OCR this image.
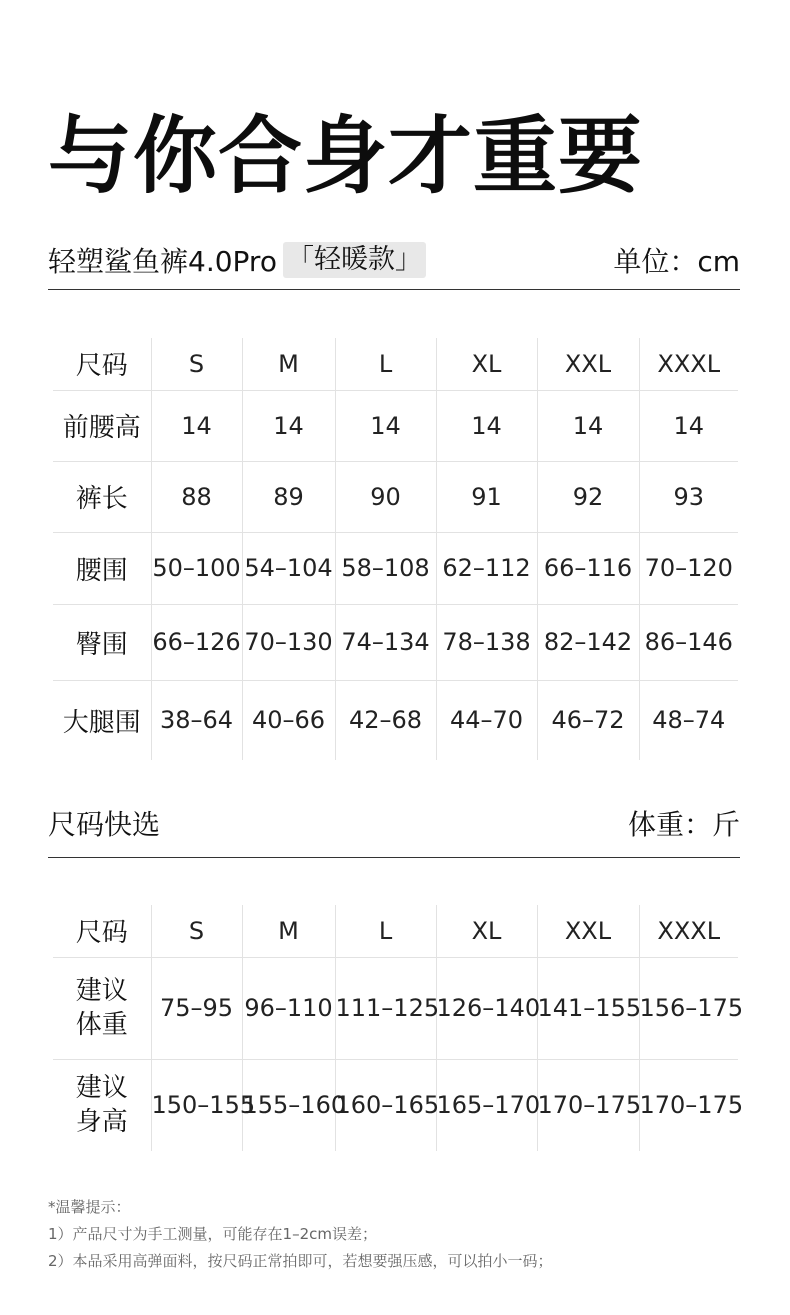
与你合身才重要
轻塑鲨鱼裤4.0Pro 「轻暖款」	单位：cm
尺码	S	M	L	XL	XXL	XXXL
前腰高	14	14	14	14	14	14
裤长	88	89	90	91	92	93
腰围	50–100	54–104	58–108	62–112	66–116	70–120
臀围	66–126	70–130	74–134	78–138	82–142	86–146
大腿围	38–64	40–66	42–68	44–70	46–72	48–74
尺码快选	体重：斤
尺码	S	M	L	XL	XXL	XXXL
建议
体重	75–95	96–110	111–125	126–140	141–155	156–175
建议
身高	150–155	155–160	160–165	165–170	170–175	170–175
*温馨提示：
1）产品尺寸为手工测量，可能存在1–2cm误差；
2）本品采用高弹面料，按尺码正常拍即可，若想要强压感，可以拍小一码；
